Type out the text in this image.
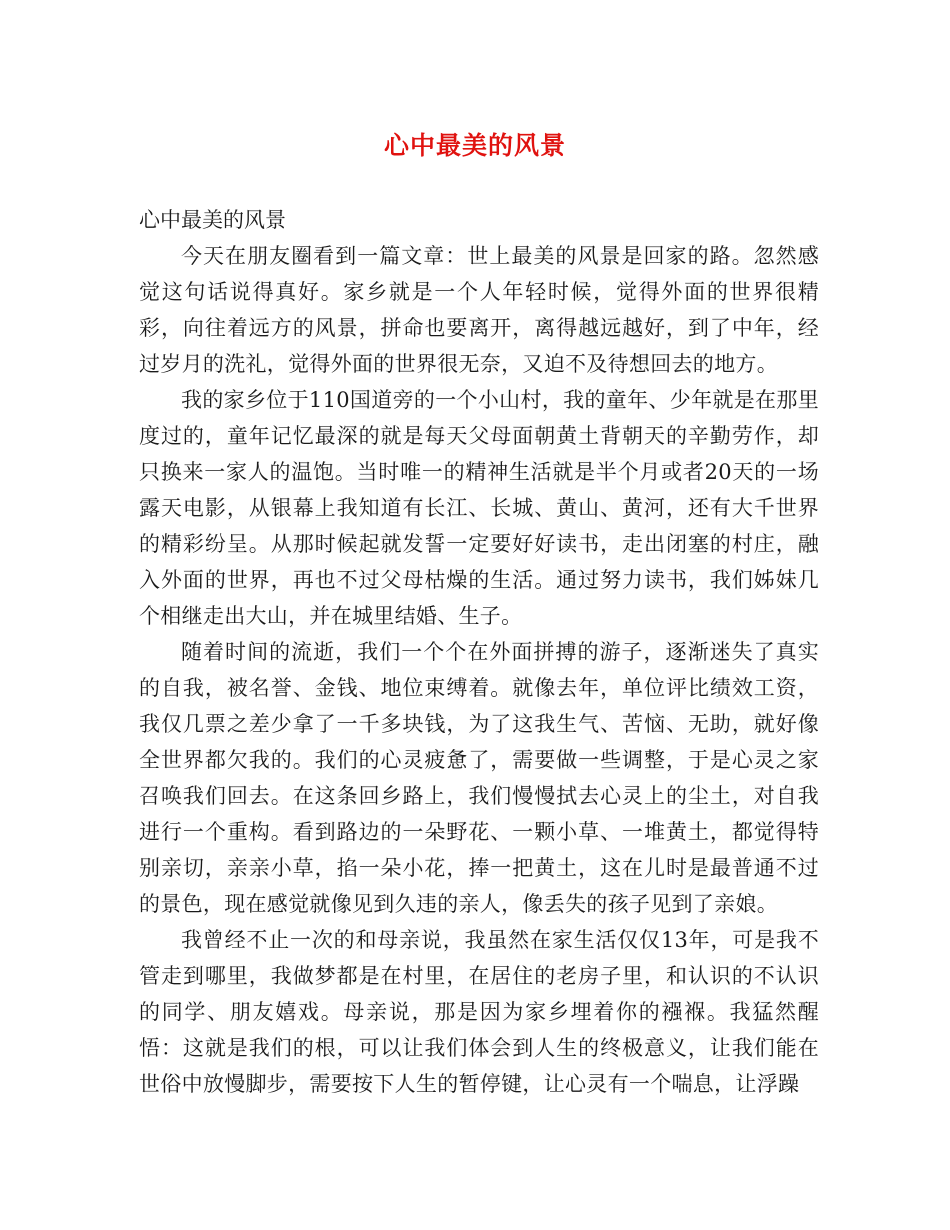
心中最美的风景

心中最美的风景

今天在朋友圈看到一篇文章：世上最美的风景是回家的路。忽然感觉这句话说得真好。家乡就是一个人年轻时候，觉得外面的世界很精彩，向往着远方的风景，拼命也要离开，离得越远越好，到了中年，经过岁月的洗礼，觉得外面的世界很无奈，又迫不及待想回去的地方。

我的家乡位于110国道旁的一个小山村，我的童年、少年就是在那里度过的，童年记忆最深的就是每天父母面朝黄土背朝天的辛勤劳作，却只换来一家人的温饱。当时唯一的精神生活就是半个月或者20天的一场露天电影，从银幕上我知道有长江、长城、黄山、黄河，还有大千世界的精彩纷呈。从那时候起就发誓一定要好好读书，走出闭塞的村庄，融入外面的世界，再也不过父母枯燥的生活。通过努力读书，我们姊妹几个相继走出大山，并在城里结婚、生子。

随着时间的流逝，我们一个个在外面拼搏的游子，逐渐迷失了真实的自我，被名誉、金钱、地位束缚着。就像去年，单位评比绩效工资，我仅几票之差少拿了一千多块钱，为了这我生气、苦恼、无助，就好像全世界都欠我的。我们的心灵疲惫了，需要做一些调整，于是心灵之家召唤我们回去。在这条回乡路上，我们慢慢拭去心灵上的尘土，对自我进行一个重构。看到路边的一朵野花、一颗小草、一堆黄土，都觉得特别亲切，亲亲小草，掐一朵小花，捧一把黄土，这在儿时是最普通不过的景色，现在感觉就像见到久违的亲人，像丢失的孩子见到了亲娘。

我曾经不止一次的和母亲说，我虽然在家生活仅仅13年，可是我不管走到哪里，我做梦都是在村里，在居住的老房子里，和认识的不认识的同学、朋友嬉戏。母亲说，那是因为家乡埋着你的襁褓。我猛然醒悟：这就是我们的根，可以让我们体会到人生的终极意义，让我们能在世俗中放慢脚步，需要按下人生的暂停键，让心灵有一个喘息，让浮躁
